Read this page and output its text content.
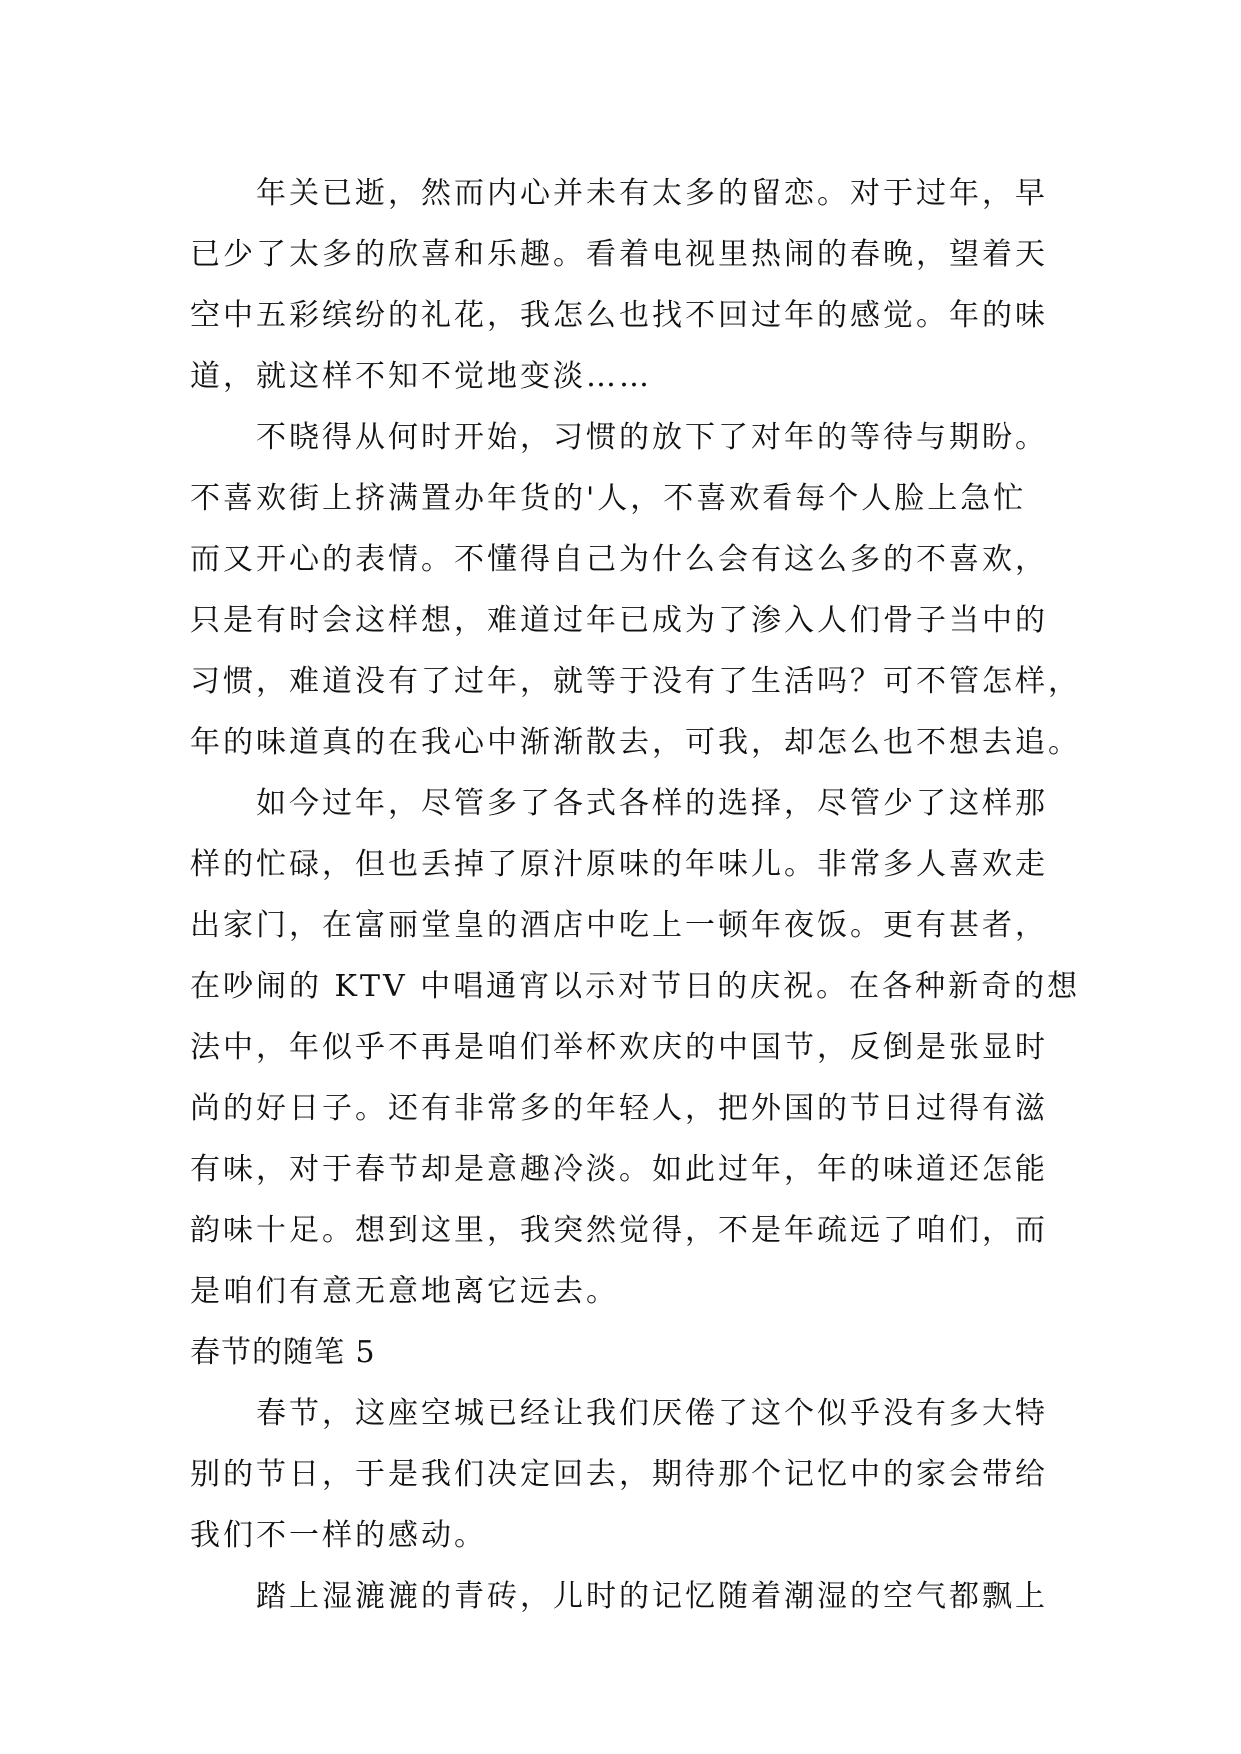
年关已逝，然而内心并未有太多的留恋。对于过年，早
已少了太多的欣喜和乐趣。看着电视里热闹的春晚，望着天
空中五彩缤纷的礼花，我怎么也找不回过年的感觉。年的味
道，就这样不知不觉地变淡……
不晓得从何时开始，习惯的放下了对年的等待与期盼。
不喜欢街上挤满置办年货的'人，不喜欢看每个人脸上急忙
而又开心的表情。不懂得自己为什么会有这么多的不喜欢，
只是有时会这样想，难道过年已成为了渗入人们骨子当中的
习惯，难道没有了过年，就等于没有了生活吗？可不管怎样，
年的味道真的在我心中渐渐散去，可我，却怎么也不想去追。
如今过年，尽管多了各式各样的选择，尽管少了这样那
样的忙碌，但也丢掉了原汁原味的年味儿。非常多人喜欢走
出家门，在富丽堂皇的酒店中吃上一顿年夜饭。更有甚者，
在吵闹的 KTV 中唱通宵以示对节日的庆祝。在各种新奇的想
法中，年似乎不再是咱们举杯欢庆的中国节，反倒是张显时
尚的好日子。还有非常多的年轻人，把外国的节日过得有滋
有味，对于春节却是意趣冷淡。如此过年，年的味道还怎能
韵味十足。想到这里，我突然觉得，不是年疏远了咱们，而
是咱们有意无意地离它远去。
春节的随笔 5
春节，这座空城已经让我们厌倦了这个似乎没有多大特
别的节日，于是我们决定回去，期待那个记忆中的家会带给
我们不一样的感动。
踏上湿漉漉的青砖，儿时的记忆随着潮湿的空气都飘上
